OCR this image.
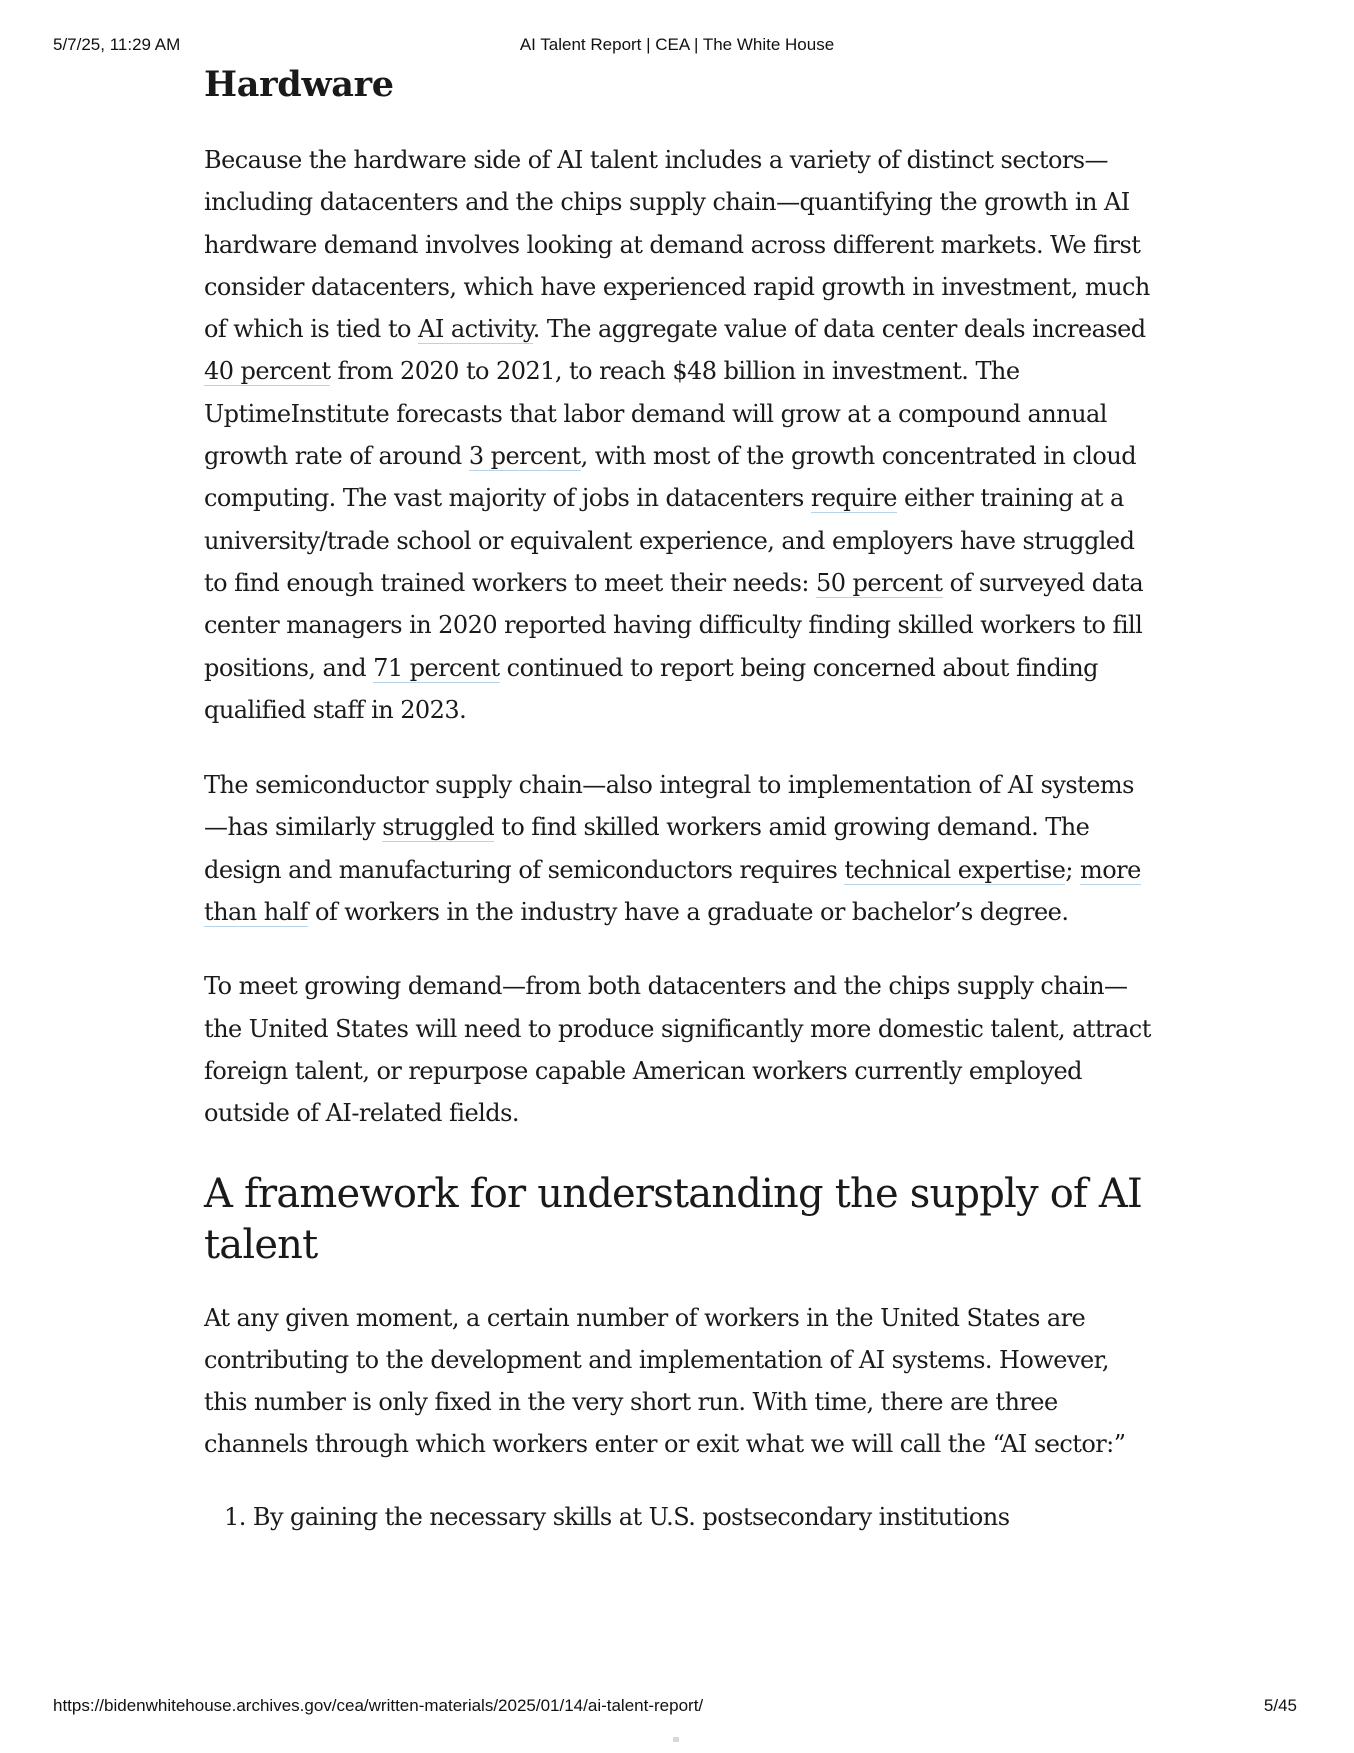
5/7/25, 11:29 AM	AI Talent Report | CEA | The White House
Hardware

Because the hardware side of AI talent includes a variety of distinct sectors—including datacenters and the chips supply chain—quantifying the growth in AI hardware demand involves looking at demand across different markets. We first consider datacenters, which have experienced rapid growth in investment, much of which is tied to AI activity. The aggregate value of data center deals increased 40 percent from 2020 to 2021, to reach $48 billion in investment. The UptimeInstitute forecasts that labor demand will grow at a compound annual growth rate of around 3 percent, with most of the growth concentrated in cloud computing. The vast majority of jobs in datacenters require either training at a university/trade school or equivalent experience, and employers have struggled to find enough trained workers to meet their needs: 50 percent of surveyed data center managers in 2020 reported having difficulty finding skilled workers to fill positions, and 71 percent continued to report being concerned about finding qualified staff in 2023.

The semiconductor supply chain—also integral to implementation of AI systems—has similarly struggled to find skilled workers amid growing demand. The design and manufacturing of semiconductors requires technical expertise; more than half of workers in the industry have a graduate or bachelor’s degree.

To meet growing demand—from both datacenters and the chips supply chain—the United States will need to produce significantly more domestic talent, attract foreign talent, or repurpose capable American workers currently employed outside of AI-related fields.

A framework for understanding the supply of AI talent

At any given moment, a certain number of workers in the United States are contributing to the development and implementation of AI systems. However, this number is only fixed in the very short run. With time, there are three channels through which workers enter or exit what we will call the “AI sector:”

1. By gaining the necessary skills at U.S. postsecondary institutions
https://bidenwhitehouse.archives.gov/cea/written-materials/2025/01/14/ai-talent-report/	5/45
